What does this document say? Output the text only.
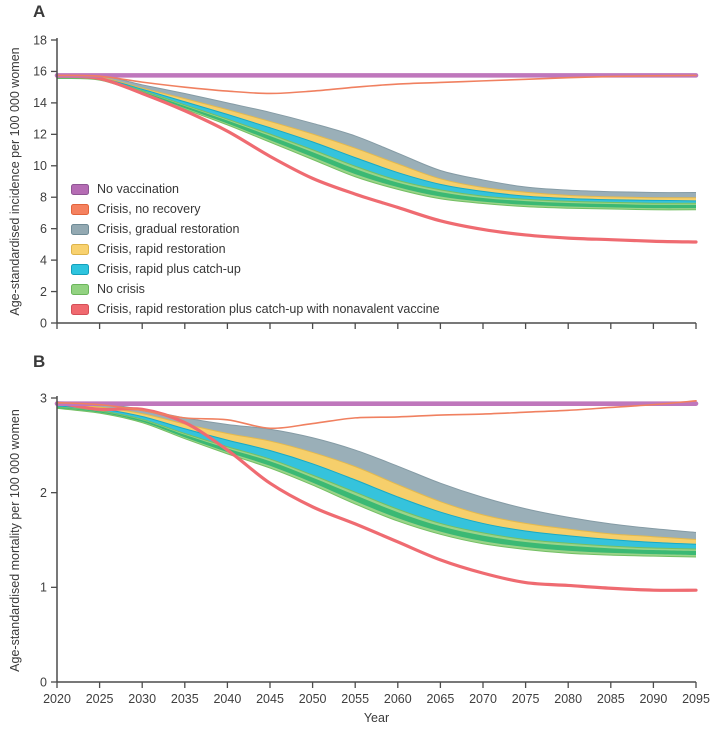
0
2
4
6
8
10
12
14
16
18
0
1
2
3
2020 2025 2030 2035 2040 2045 2050 2055 2060 2065 2070 2075 2080 2085 2090 2095
A
B
Age-standardised incidence per 100 000 women
Age-standardised mortality per 100 000 women
Year
No vaccination
Crisis, no recovery
Crisis, gradual restoration
Crisis, rapid restoration
Crisis, rapid plus catch-up
No crisis
Crisis, rapid restoration plus catch-up with nonavalent vaccine
